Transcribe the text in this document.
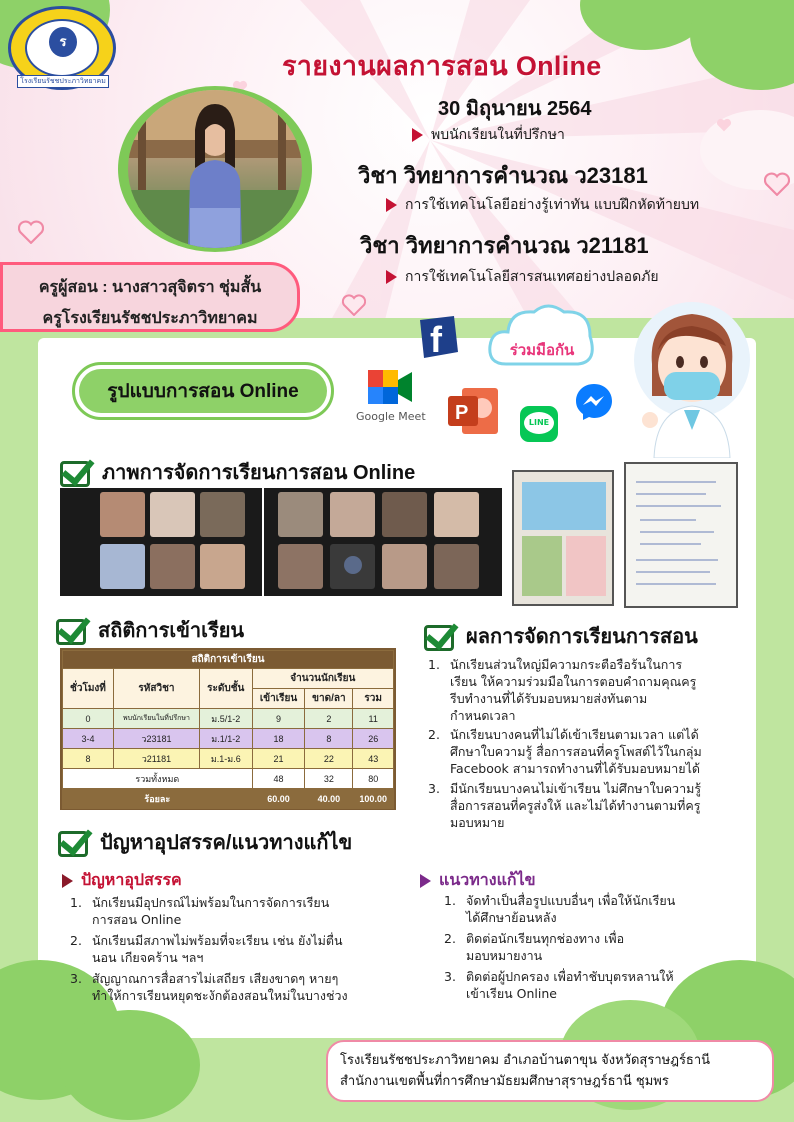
ร
โรงเรียนรัชชประภาวิทยาคม	รายงานผลการสอน Online
30 มิถุนายน 2564
พบนักเรียนในที่ปรึกษา
วิชา วิทยาการคำนวณ ว23181
การใช้เทคโนโลยีอย่างรู้เท่าทัน แบบฝึกหัดท้ายบท
วิชา วิทยาการคำนวณ ว21181
การใช้เทคโนโลยีสารสนเทศอย่างปลอดภัย
ครูผู้สอน : นางสาวสุจิตรา ชุ่มสั้น
ครูโรงเรียนรัชชประภาวิทยาคม
รูปแบบการสอน Online
f	ร่วมมือกัน
Google Meet P	LINE
ภาพการจัดการเรียนการสอน Online
สถิติการเข้าเรียน
สถิติการเข้าเรียน					
ชั่วโมงที่	รหัสวิชา	ระดับชั้น	จำนวนนักเรียน		
			เข้าเรียน	ขาด/ลา	รวม
0	พบนักเรียนในที่ปรึกษา	ม.5/1-2	9	2	11
3-4	ว23181	ม.1/1-2	18	8	26
8	ว21181	ม.1-ม.6	21	22	43
รวมทั้งหมด			48	32	80
ร้อยละ			60.00	40.00	100.00
ผลการจัดการเรียนการสอน
1. นักเรียนส่วนใหญ่มีความกระตือรือร้นในการ
เรียน ให้ความร่วมมือในการตอบคำถามคุณครู
รีบทำงานที่ได้รับมอบหมายส่งทันตาม
กำหนดเวลา
2. นักเรียนบางคนที่ไม่ได้เข้าเรียนตามเวลา แต่ได้
ศึกษาใบความรู้ สื่อการสอนที่ครูโพสต์ไว้ในกลุ่ม
Facebook สามารถทำงานที่ได้รับมอบหมายได้
3. มีนักเรียนบางคนไม่เข้าเรียน ไม่ศึกษาใบความรู้
สื่อการสอนที่ครูส่งให้ และไม่ได้ทำงานตามที่ครู
มอบหมาย
ปัญหาอุปสรรค/แนวทางแก้ไข
ปัญหาอุปสรรค
1. นักเรียนมีอุปกรณ์ไม่พร้อมในการจัดการเรียน
การสอน Online
2. นักเรียนมีสภาพไม่พร้อมที่จะเรียน เช่น ยังไม่ตื่น
นอน เกียจคร้าน ฯลฯ
3. สัญญาณการสื่อสารไม่เสถียร เสียงขาดๆ หายๆ
ทำให้การเรียนหยุดชะงักต้องสอนใหม่ในบางช่วง
แนวทางแก้ไข
1. จัดทำเป็นสื่อรูปแบบอื่นๆ เพื่อให้นักเรียน
ได้ศึกษาย้อนหลัง
2. ติดต่อนักเรียนทุกช่องทาง เพื่อ
มอบหมายงาน
3. ติดต่อผู้ปกครอง เพื่อทำชับบุตรหลานให้
เข้าเรียน Online
โรงเรียนรัชชประภาวิทยาคม อำเภอบ้านตาขุน จังหวัดสุราษฎร์ธานี
สำนักงานเขตพื้นที่การศึกษามัธยมศึกษาสุราษฎร์ธานี ชุมพร
